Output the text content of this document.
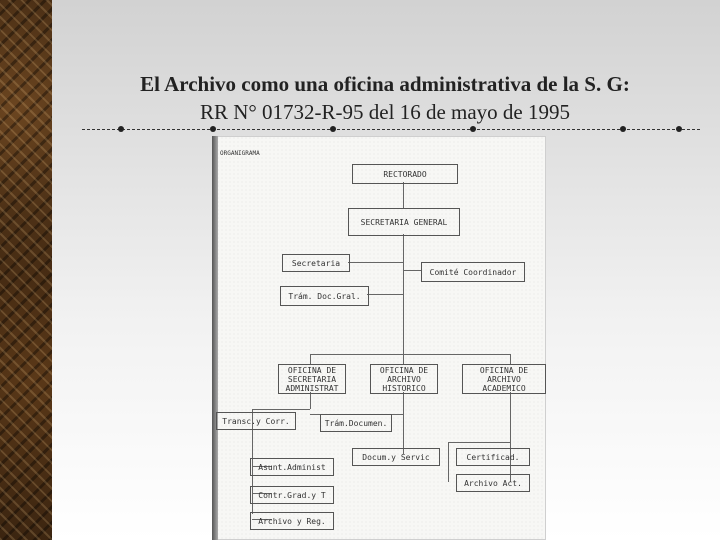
El Archivo como una oficina administrativa de la S. G:
RR N° 01732-R-95 del 16 de mayo de 1995
ORGANIGRAMA
RECTORADO
SECRETARIA GENERAL
Secretaria
Comité Coordinador
Trám. Doc.Gral.
OFICINA DE
SECRETARIA
ADMINISTRAT
OFICINA DE
ARCHIVO
HISTORICO
OFICINA DE
ARCHIVO
ACADEMICO
Transc.y Corr.	Trám.Documen.
Docum.y Servic	Certificad.
Archivo Act.
Asunt.Administ
Contr.Grad.y T
Archivo y Reg.
